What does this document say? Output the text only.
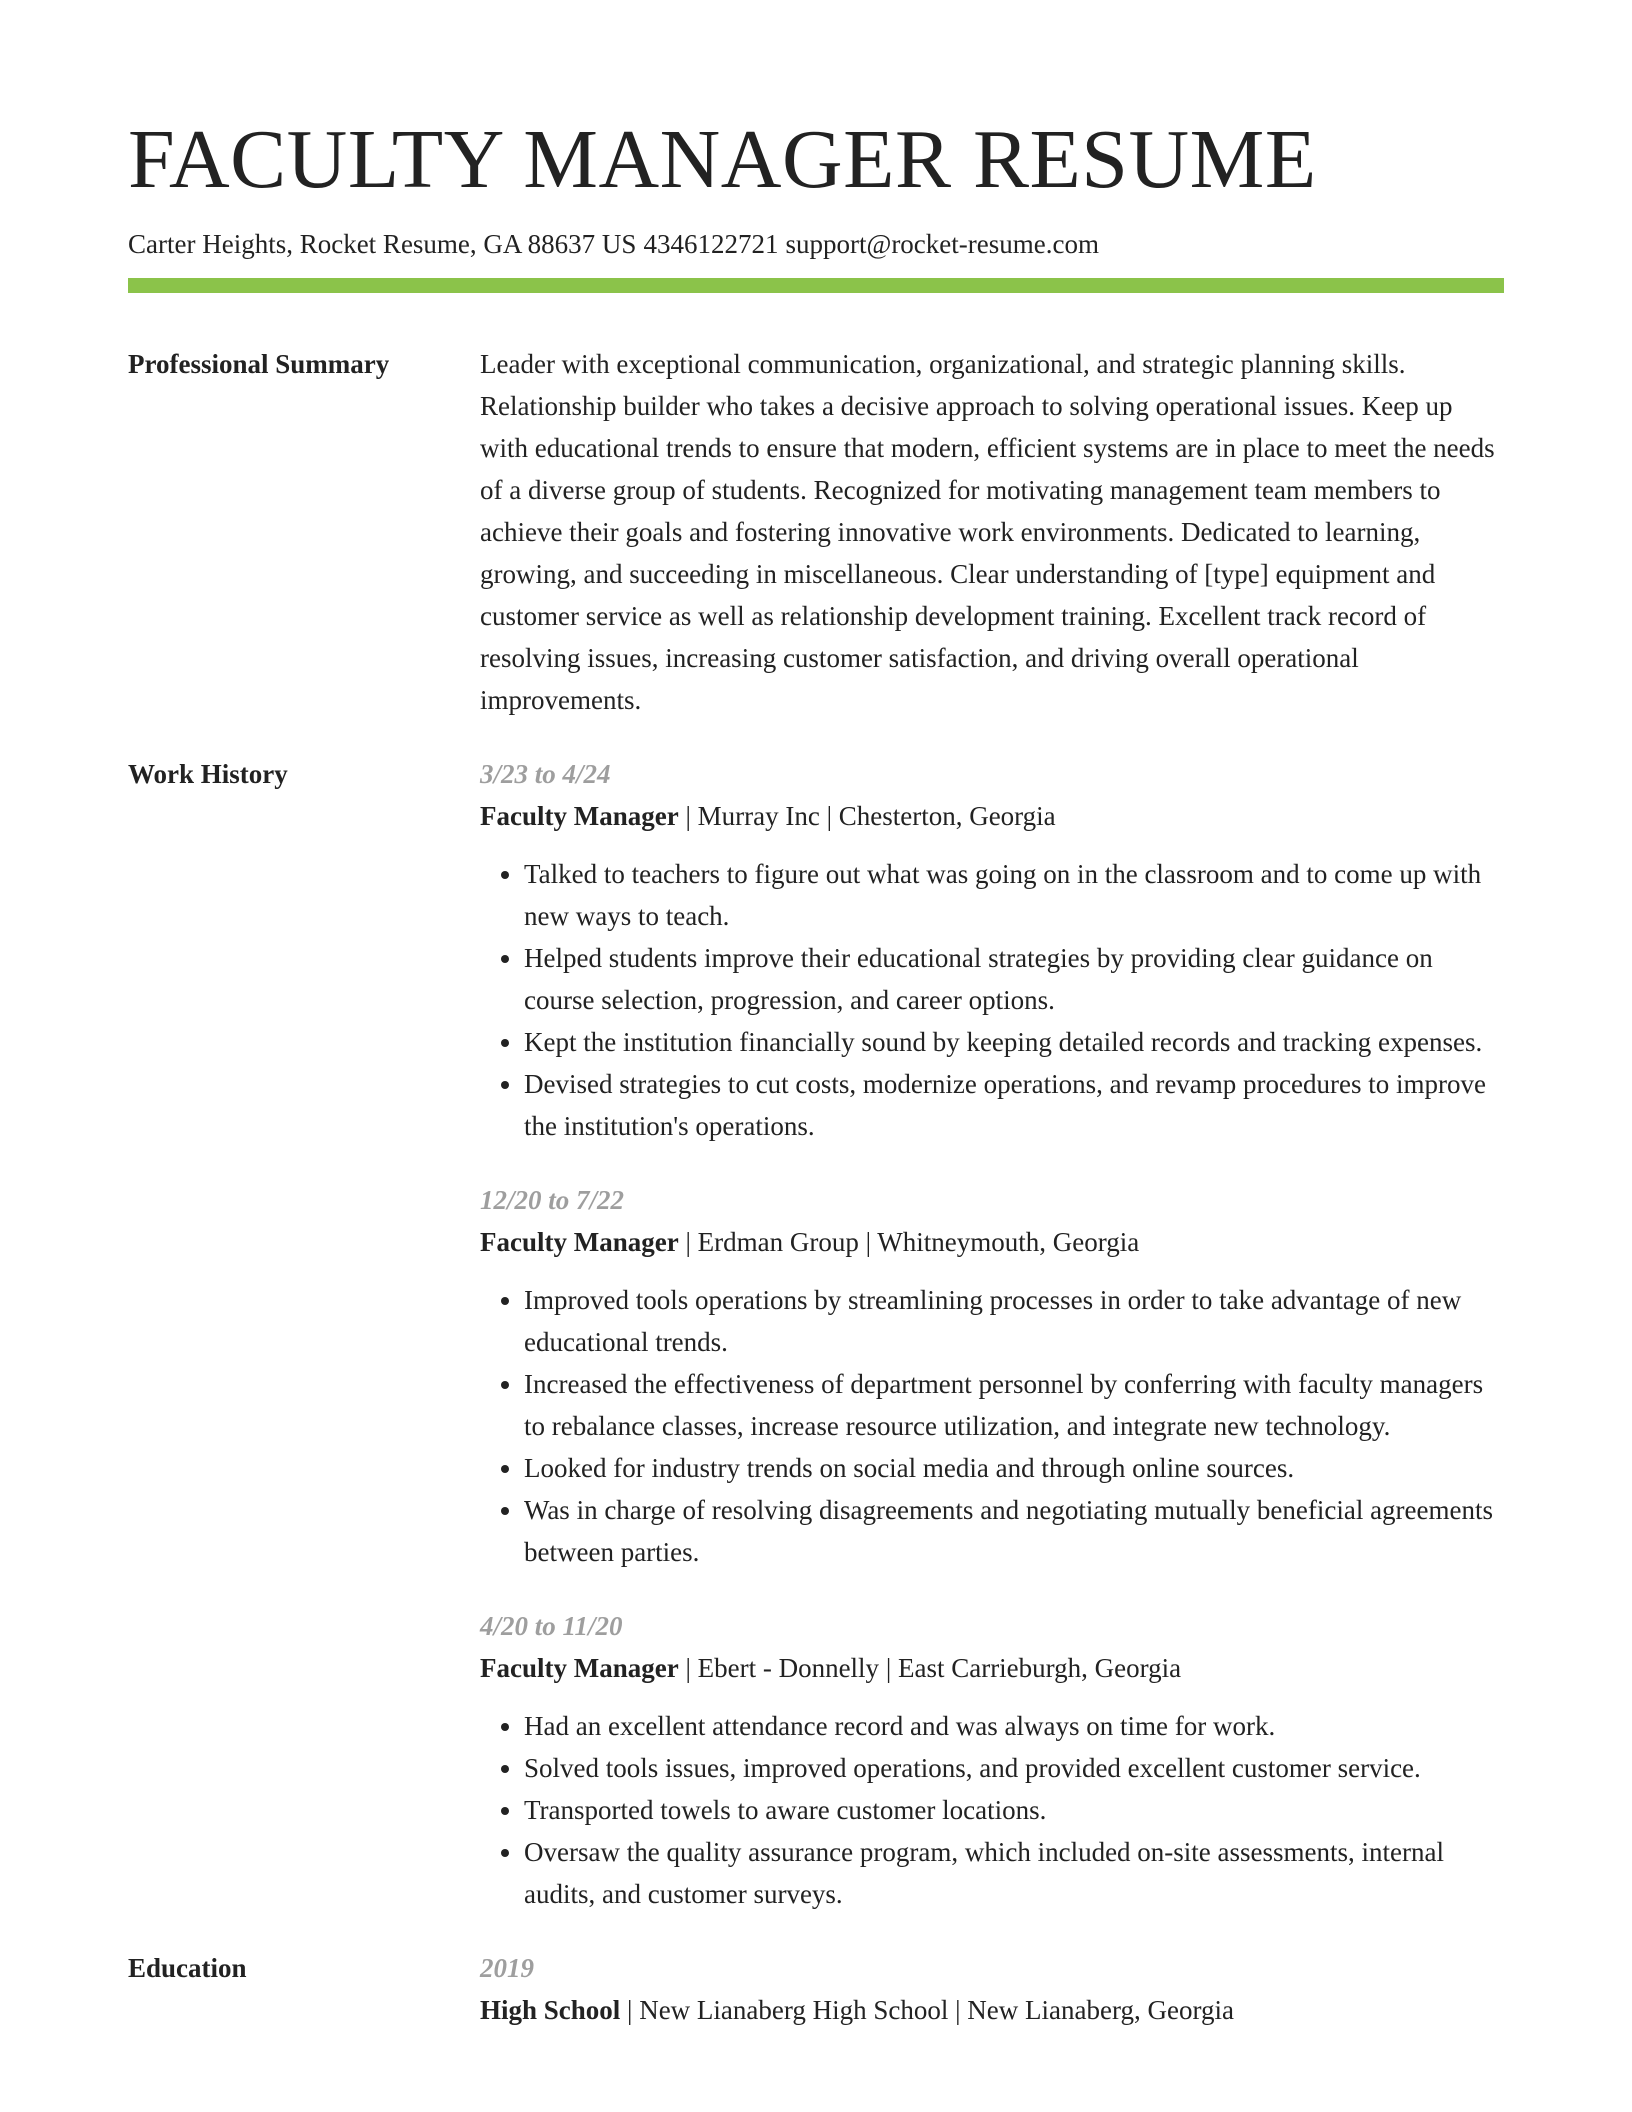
FACULTY MANAGER RESUME
Carter Heights, Rocket Resume, GA 88637 US 4346122721 support@rocket-resume.com
Professional Summary	Leader with exceptional communication, organizational, and strategic planning skills. Relationship builder who takes a decisive approach to solving operational issues. Keep up with educational trends to ensure that modern, efficient systems are in place to meet the needs of a diverse group of students. Recognized for motivating management team members to achieve their goals and fostering innovative work environments. Dedicated to learning, growing, and succeeding in miscellaneous. Clear understanding of [type] equipment and customer service as well as relationship development training. Excellent track record of resolving issues, increasing customer satisfaction, and driving overall operational improvements.

Work History	3/23 to 4/24
Faculty Manager | Murray Inc | Chesterton, Georgia
• Talked to teachers to figure out what was going on in the classroom and to come up with new ways to teach.
• Helped students improve their educational strategies by providing clear guidance on course selection, progression, and career options.
• Kept the institution financially sound by keeping detailed records and tracking expenses.
• Devised strategies to cut costs, modernize operations, and revamp procedures to improve the institution's operations.
12/20 to 7/22
Faculty Manager | Erdman Group | Whitneymouth, Georgia
• Improved tools operations by streamlining processes in order to take advantage of new educational trends.
• Increased the effectiveness of department personnel by conferring with faculty managers to rebalance classes, increase resource utilization, and integrate new technology.
• Looked for industry trends on social media and through online sources.
• Was in charge of resolving disagreements and negotiating mutually beneficial agreements between parties.
4/20 to 11/20
Faculty Manager | Ebert - Donnelly | East Carrieburgh, Georgia
• Had an excellent attendance record and was always on time for work.
• Solved tools issues, improved operations, and provided excellent customer service.
• Transported towels to aware customer locations.
• Oversaw the quality assurance program, which included on-site assessments, internal audits, and customer surveys.
Education	2019
High School | New Lianaberg High School | New Lianaberg, Georgia
